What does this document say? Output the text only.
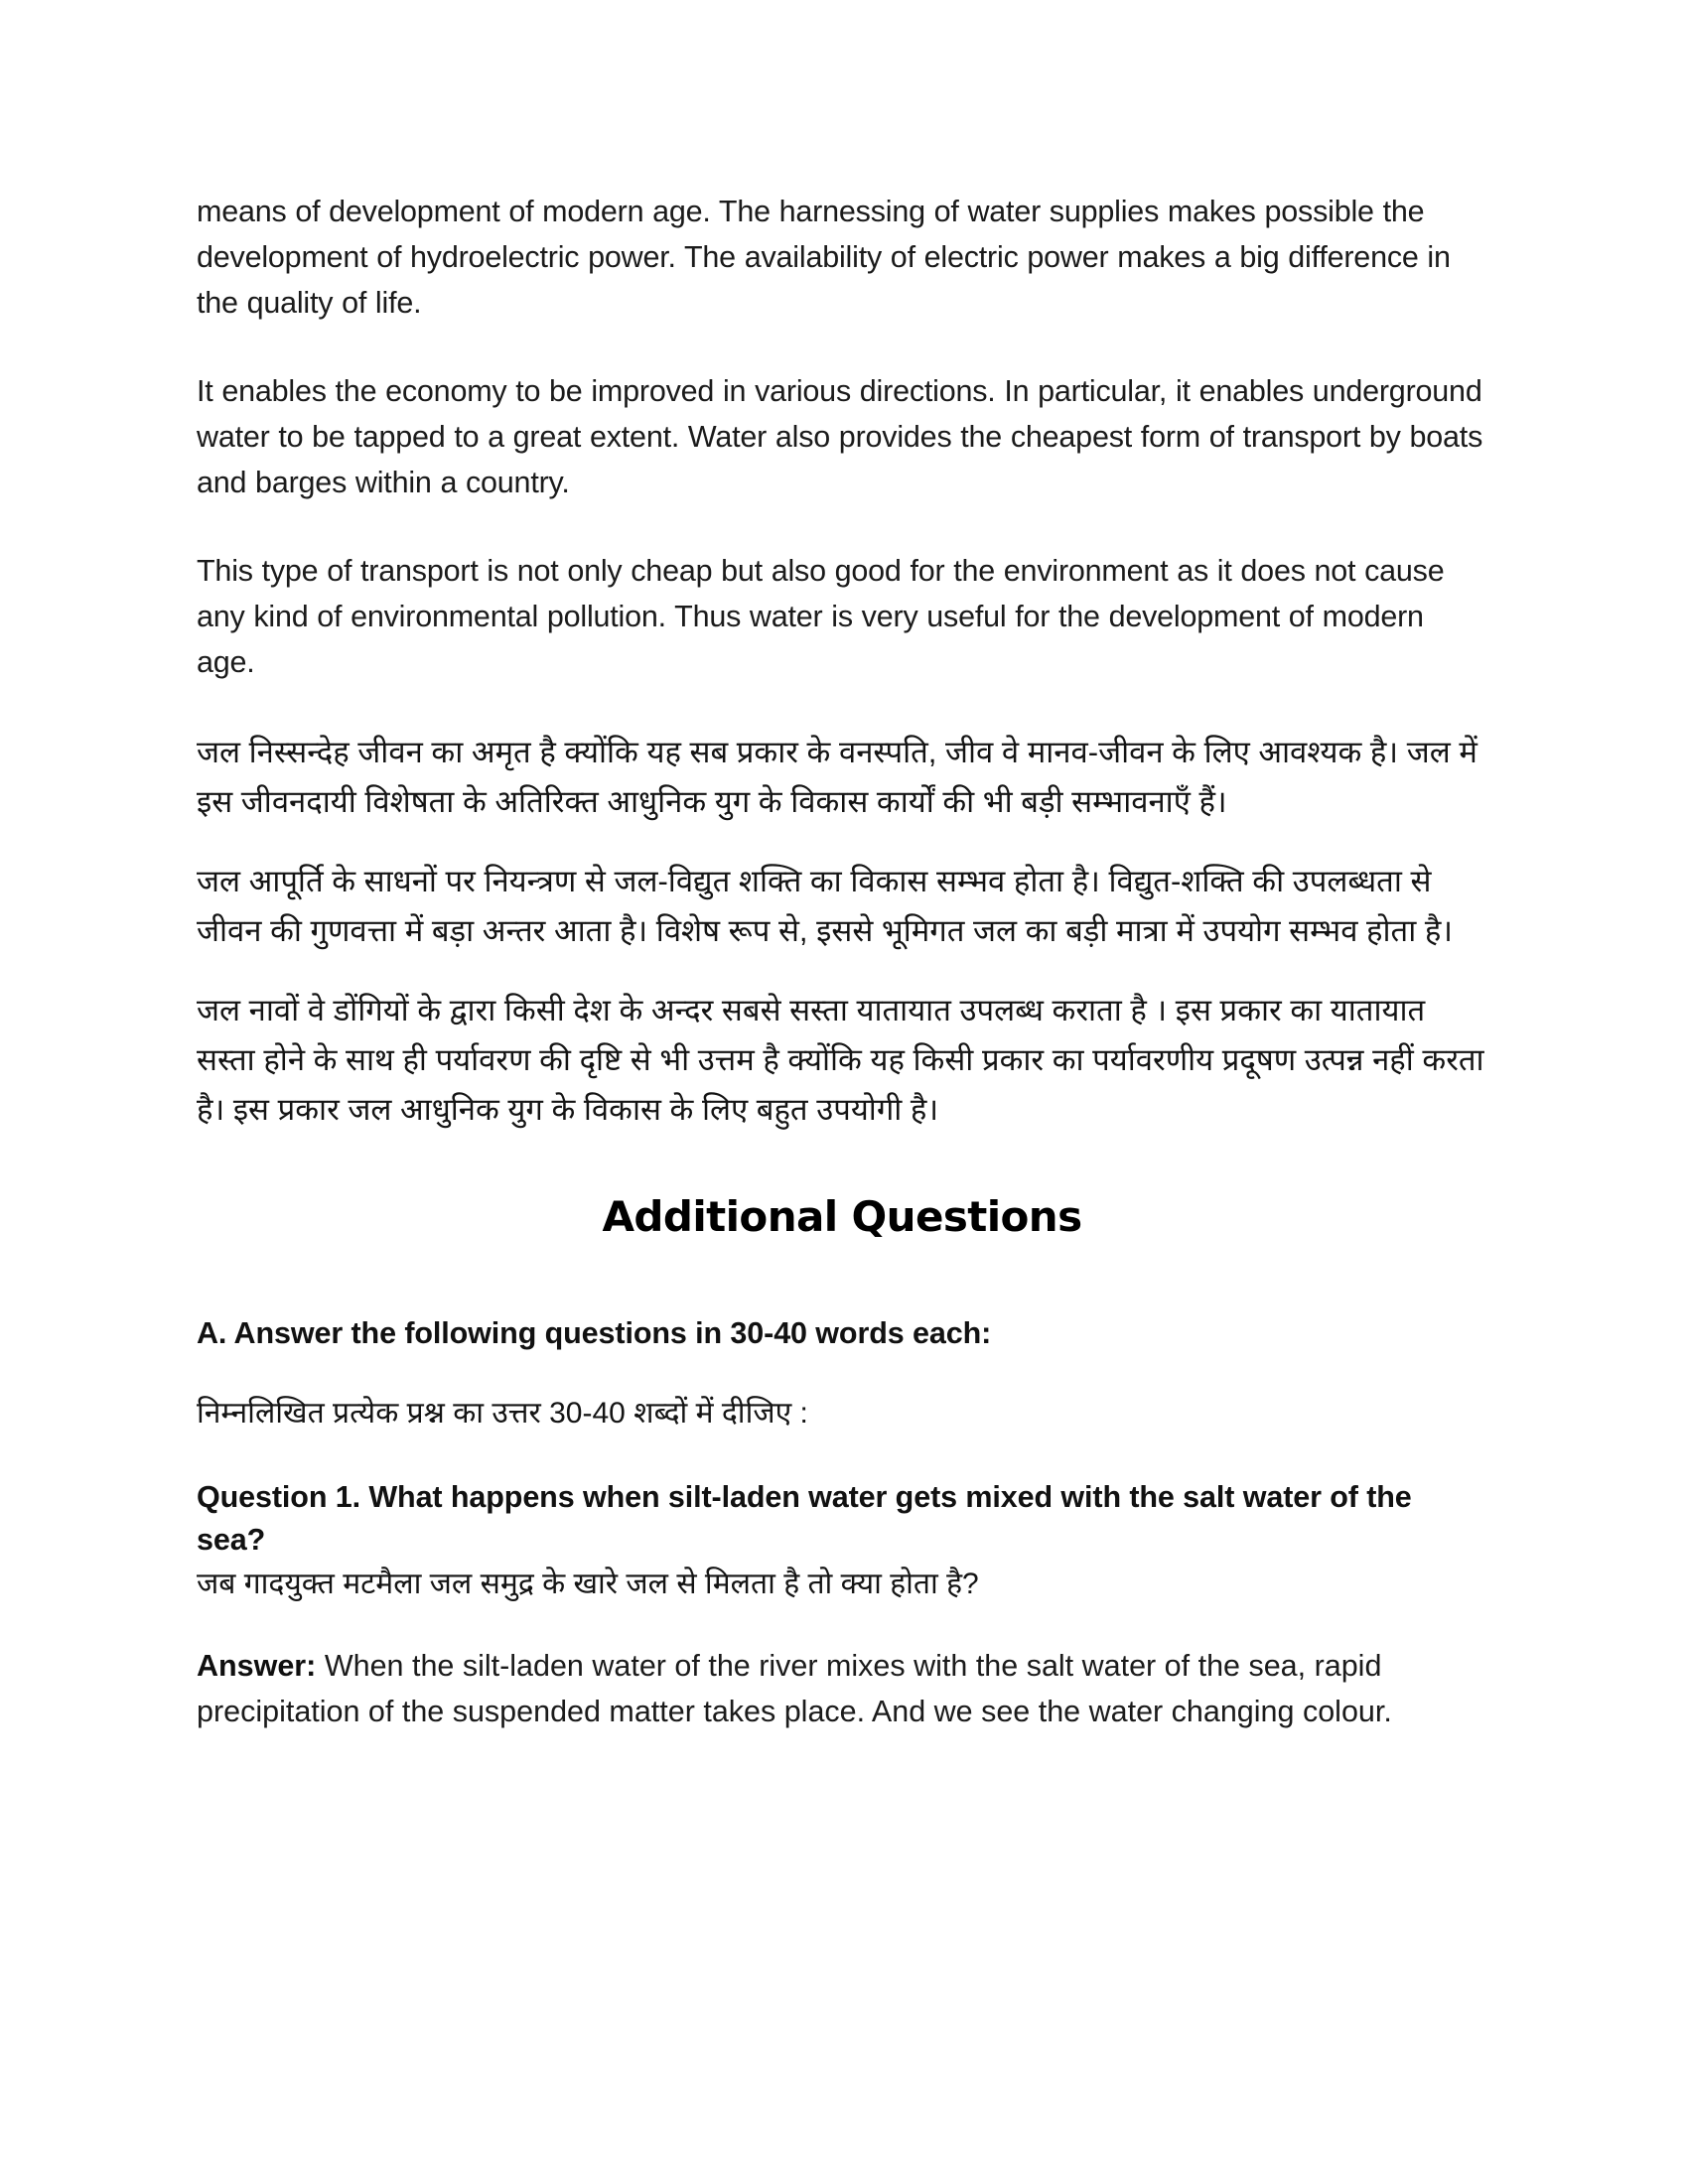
means of development of modern age. The harnessing of water supplies makes possible the development of hydroelectric power. The availability of electric power makes a big difference in the quality of life.

It enables the economy to be improved in various directions. In particular, it enables underground water to be tapped to a great extent. Water also provides the cheapest form of transport by boats and barges within a country.

This type of transport is not only cheap but also good for the environment as it does not cause any kind of environmental pollution. Thus water is very useful for the development of modern age.

जल निस्सन्देह जीवन का अमृत है क्योंकि यह सब प्रकार के वनस्पति, जीव वे मानव-जीवन के लिए आवश्यक है। जल में इस जीवनदायी विशेषता के अतिरिक्त आधुनिक युग के विकास कार्यों की भी बड़ी सम्भावनाएँ हैं।

जल आपूर्ति के साधनों पर नियन्त्रण से जल-विद्युत शक्ति का विकास सम्भव होता है। विद्युत-शक्ति की उपलब्धता से जीवन की गुणवत्ता में बड़ा अन्तर आता है। विशेष रूप से, इससे भूमिगत जल का बड़ी मात्रा में उपयोग सम्भव होता है।

जल नावों वे डोंगियों के द्वारा किसी देश के अन्दर सबसे सस्ता यातायात उपलब्ध कराता है । इस प्रकार का यातायात सस्ता होने के साथ ही पर्यावरण की दृष्टि से भी उत्तम है क्योंकि यह किसी प्रकार का पर्यावरणीय प्रदूषण उत्पन्न नहीं करता है। इस प्रकार जल आधुनिक युग के विकास के लिए बहुत उपयोगी है।

Additional Questions

A. Answer the following questions in 30-40 words each:

निम्नलिखित प्रत्येक प्रश्न का उत्तर 30-40 शब्दों में दीजिए :

Question 1. What happens when silt-laden water gets mixed with the salt water of the sea?

जब गादयुक्त मटमैला जल समुद्र के खारे जल से मिलता है तो क्या होता है?

Answer: When the silt-laden water of the river mixes with the salt water of the sea, rapid precipitation of the suspended matter takes place. And we see the water changing colour.
